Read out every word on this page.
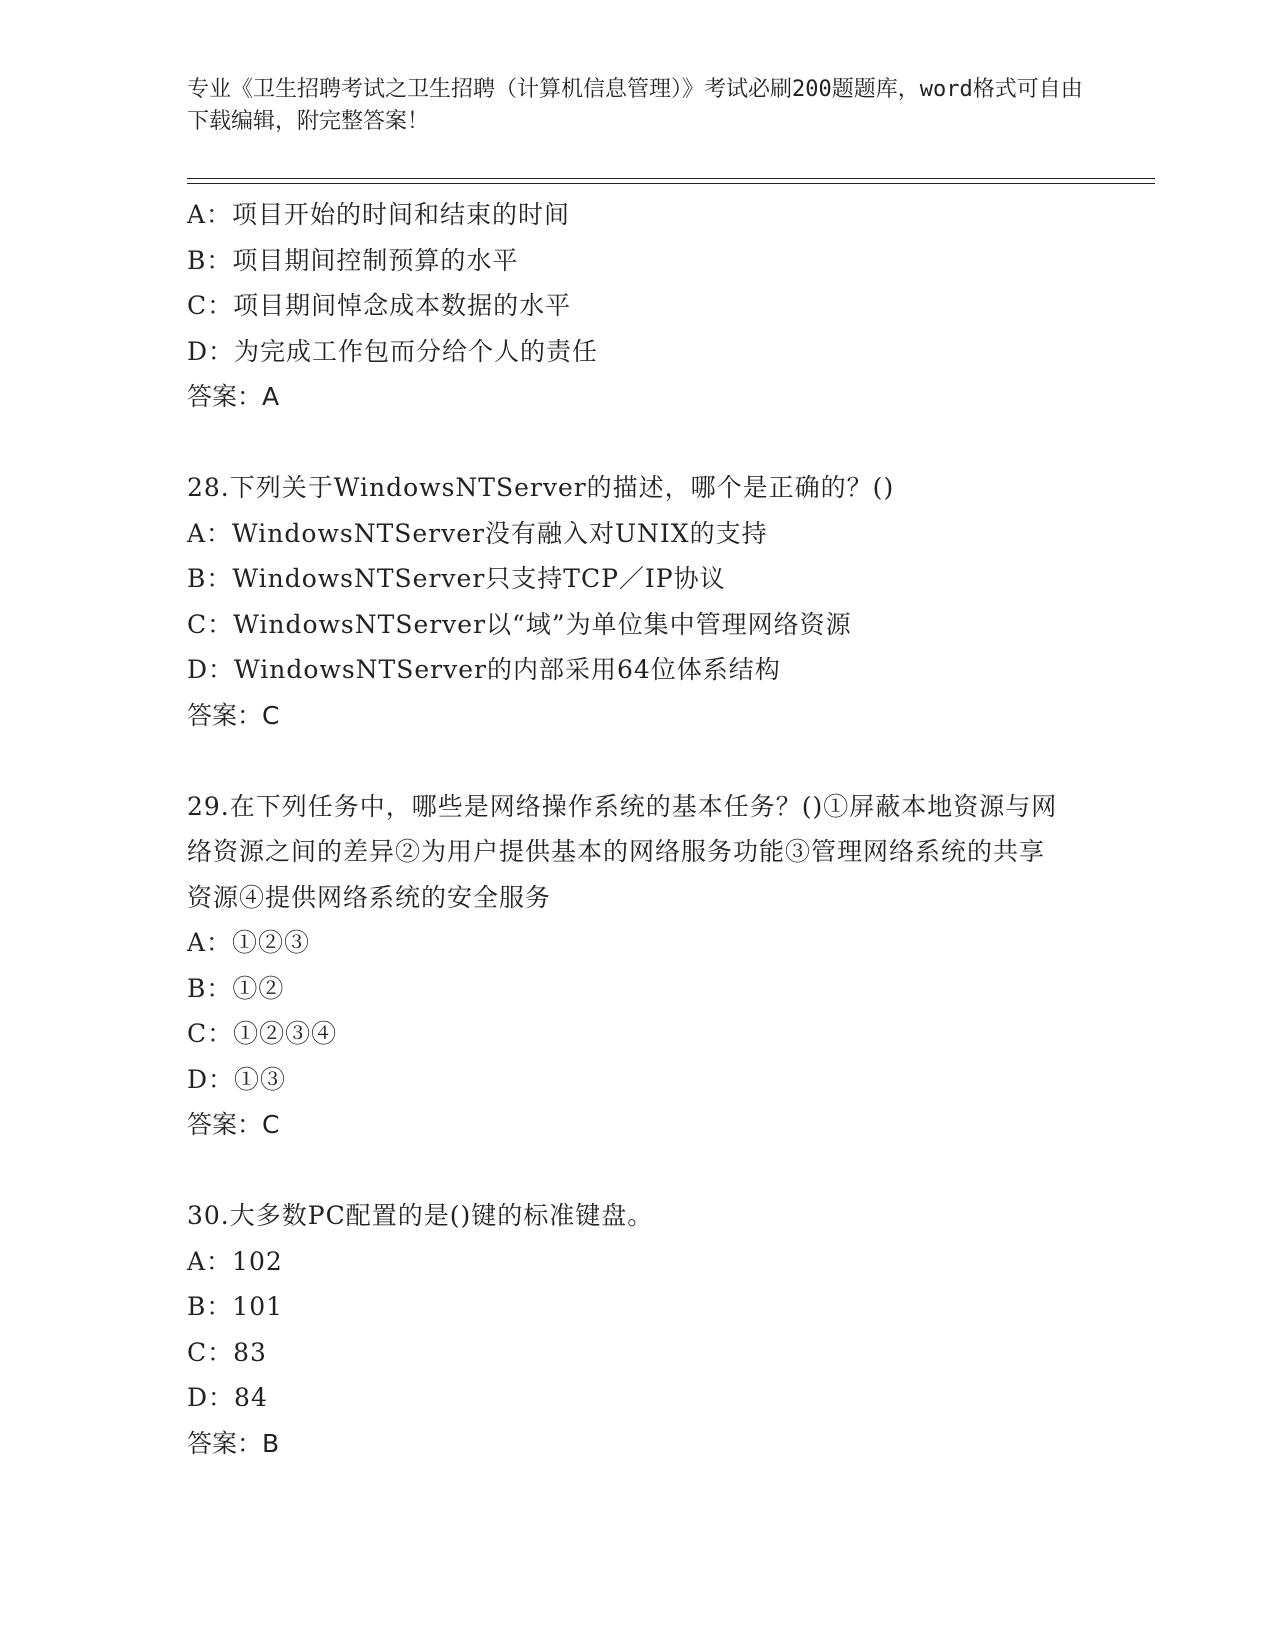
专业《卫生招聘考试之卫生招聘（计算机信息管理）》考试必刷200题题库，word格式可自由下载编辑，附完整答案！
A：项目开始的时间和结束的时间
B：项目期间控制预算的水平
C：项目期间悼念成本数据的水平
D：为完成工作包而分给个人的责任
答案：A
28.下列关于WindowsNTServer的描述，哪个是正确的？()
A：WindowsNTServer没有融入对UNIX的支持
B：WindowsNTServer只支持TCP／IP协议
C：WindowsNTServer以“域”为单位集中管理网络资源
D：WindowsNTServer的内部采用64位体系结构
答案：C
29.在下列任务中，哪些是网络操作系统的基本任务？()①屏蔽本地资源与网络资源之间的差异②为用户提供基本的网络服务功能③管理网络系统的共享资源④提供网络系统的安全服务
A：①②③
B：①②
C：①②③④
D：①③
答案：C
30.大多数PC配置的是()键的标准键盘。
A：102
B：101
C：83
D：84
答案：B
